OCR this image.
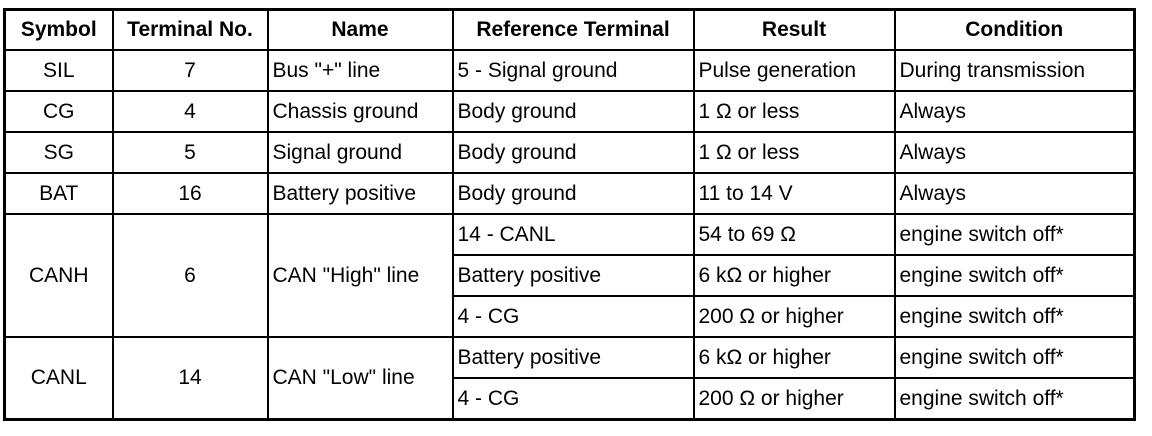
Symbol	Terminal No.	Name	Reference Terminal	Result	Condition
SIL	7	Bus "+" line	5 - Signal ground	Pulse generation	During transmission
CG	4	Chassis ground	Body ground	1 Ω or less	Always
SG	5	Signal ground	Body ground	1 Ω or less	Always
BAT	16	Battery positive	Body ground	11 to 14 V	Always
CANH	6	CAN "High" line	14 - CANL	54 to 69 Ω	engine switch off*
			Battery positive	6 kΩ or higher	engine switch off*
			4 - CG	200 Ω or higher	engine switch off*
CANL	14	CAN "Low" line	Battery positive	6 kΩ or higher	engine switch off*
			4 - CG	200 Ω or higher	engine switch off*
